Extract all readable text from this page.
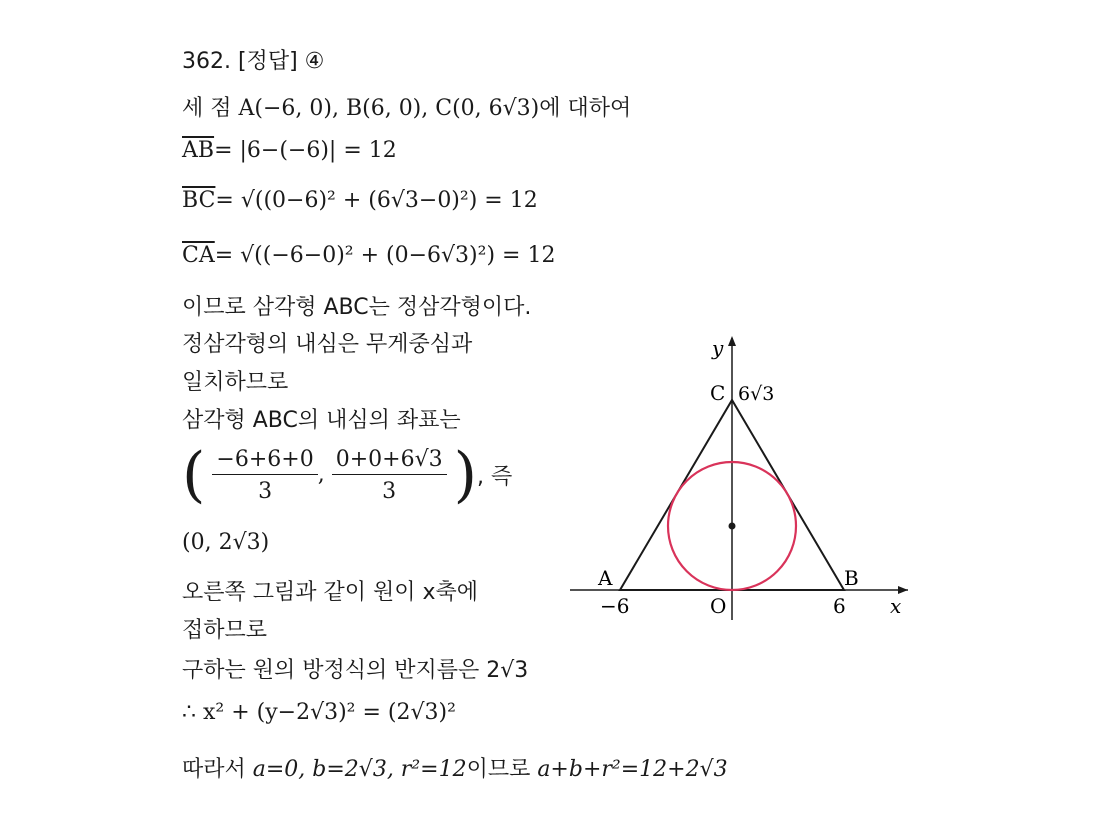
362. [정답] ④
세 점 A(−6, 0), B(6, 0), C(0, 6√3)에 대하여
$\overline{AB}= |6-(-6)| = 12$
$\overline{BC}= √((0-6)^2 + (6√3-0)^2) = 12$
$\overline{CA}= √((-6-0)^2 + (0-6√3)^2) = 12$
이므로 삼각형 ABC는 정삼각형이다.
정삼각형의 내심은 무게중심과
일치하므로
삼각형 ABC의 내심의 좌표는
( $\frac{-6+6+0}{3}$ , $\frac{0+0+6√3}{3}$ ), 즉
(0, 2√3)
오른쪽 그림과 같이 원이 x축에
접하므로
구하는 원의 방정식의 반지름은 2√3
∴ x² + (y−2√3)² = (2√3)²
따라서 a=0, b=2√3, r²=12이므로 a+b+r²=12+2√3
y
x
C 6√3
A
−6
B
6
O
